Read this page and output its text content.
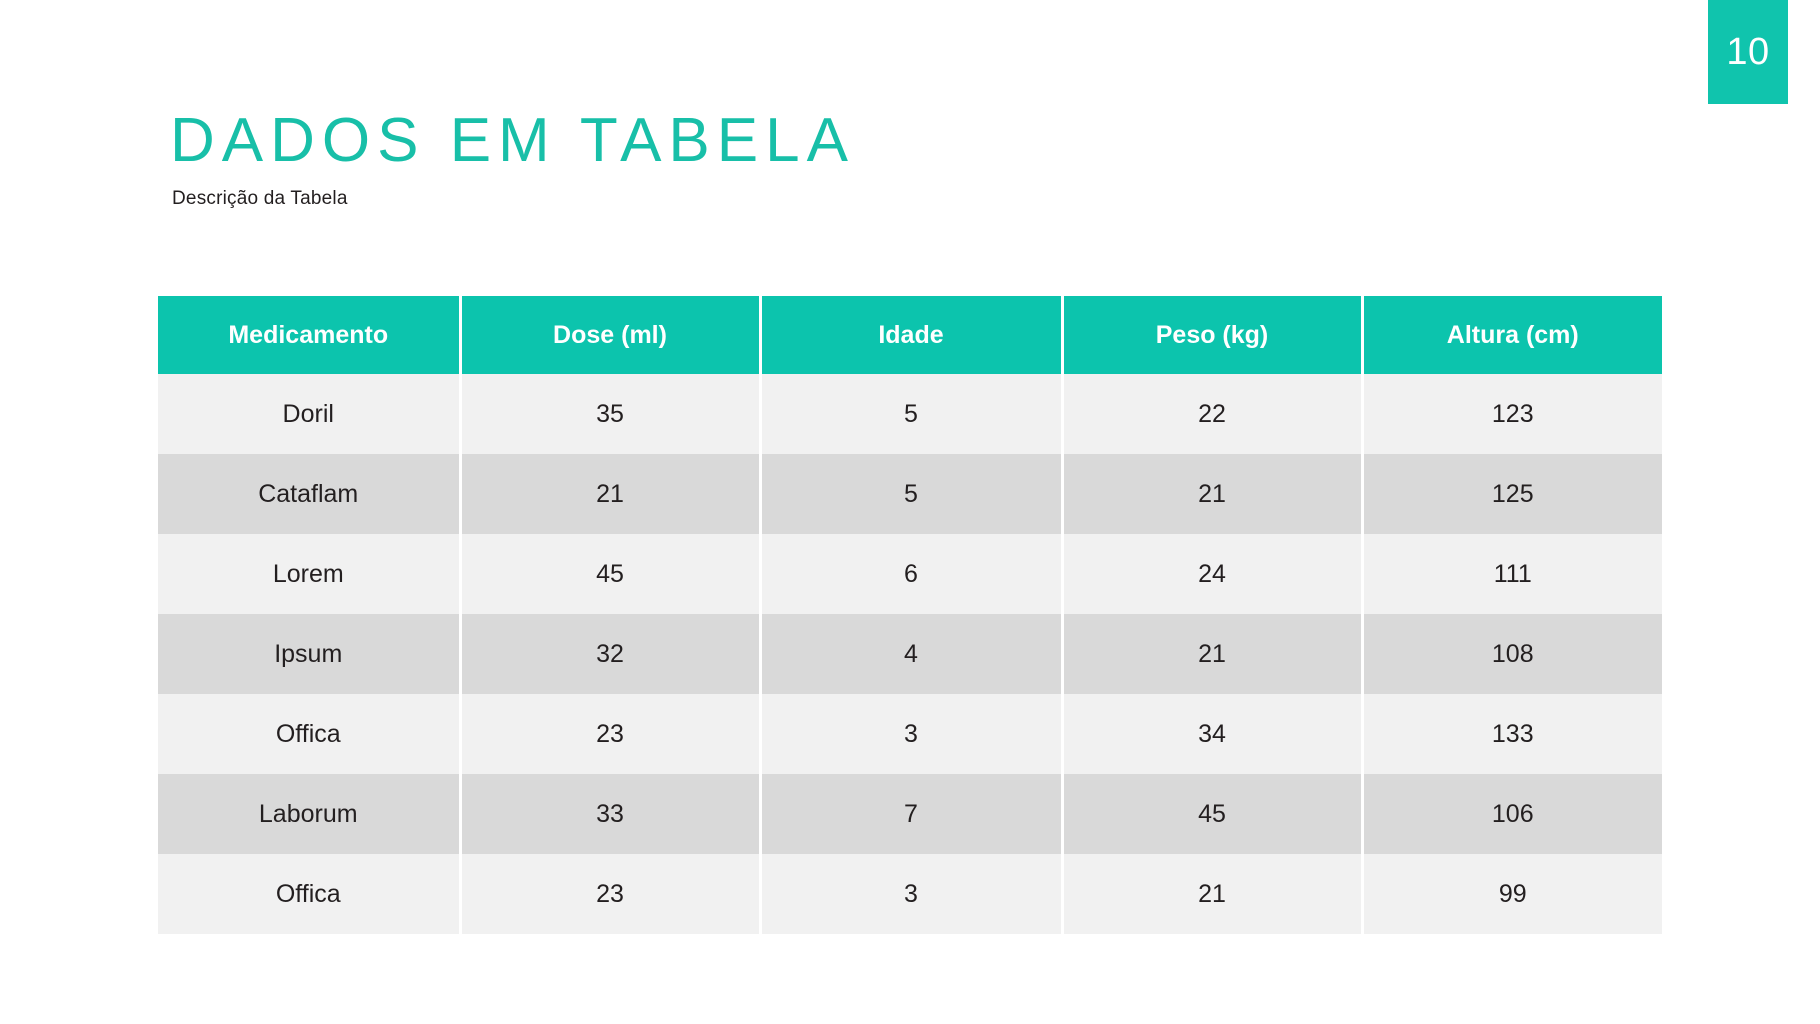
10
DADOS EM TABELA
Descrição da Tabela
Medicamento	Dose (ml)	Idade	Peso (kg)	Altura (cm)
Doril	35	5	22	123
Cataflam	21	5	21	125
Lorem	45	6	24	111
Ipsum	32	4	21	108
Offica	23	3	34	133
Laborum	33	7	45	106
Offica	23	3	21	99
